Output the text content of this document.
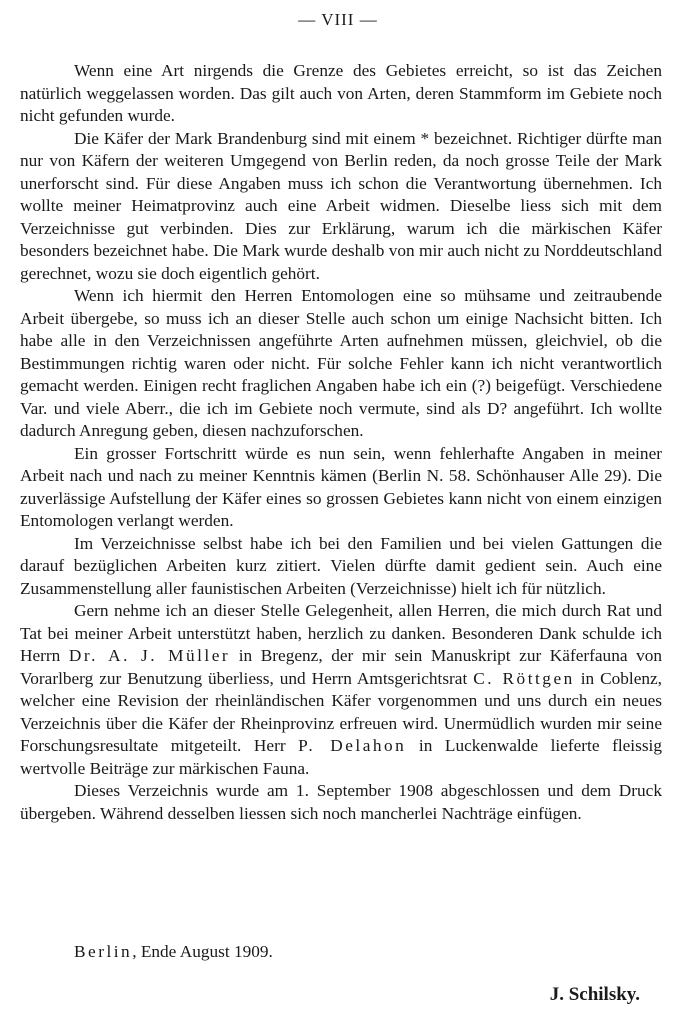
— VIII —

Wenn eine Art nirgends die Grenze des Gebietes erreicht, so ist das Zeichen natürlich weggelassen worden. Das gilt auch von Arten, deren Stammform im Gebiete noch nicht gefunden wurde.

Die Käfer der Mark Brandenburg sind mit einem * bezeichnet. Richtiger dürfte man nur von Käfern der weiteren Umgegend von Berlin reden, da noch grosse Teile der Mark unerforscht sind. Für diese Angaben muss ich schon die Verantwortung übernehmen. Ich wollte meiner Heimatprovinz auch eine Arbeit widmen. Dieselbe liess sich mit dem Verzeichnisse gut verbinden. Dies zur Erklärung, warum ich die märkischen Käfer besonders bezeichnet habe. Die Mark wurde deshalb von mir auch nicht zu Norddeutschland gerechnet, wozu sie doch eigentlich gehört.

Wenn ich hiermit den Herren Entomologen eine so mühsame und zeitraubende Arbeit übergebe, so muss ich an dieser Stelle auch schon um einige Nachsicht bitten. Ich habe alle in den Verzeichnissen angeführte Arten aufnehmen müssen, gleichviel, ob die Bestimmungen richtig waren oder nicht. Für solche Fehler kann ich nicht verantwortlich gemacht werden. Einigen recht fraglichen Angaben habe ich ein (?) beigefügt. Verschiedene Var. und viele Aberr., die ich im Gebiete noch vermute, sind als D? angeführt. Ich wollte dadurch Anregung geben, diesen nachzuforschen.

Ein grosser Fortschritt würde es nun sein, wenn fehlerhafte Angaben in meiner Arbeit nach und nach zu meiner Kenntnis kämen (Berlin N. 58. Schönhauser Alle 29). Die zuverlässige Aufstellung der Käfer eines so grossen Gebietes kann nicht von einem einzigen Entomologen verlangt werden.

Im Verzeichnisse selbst habe ich bei den Familien und bei vielen Gattungen die darauf bezüglichen Arbeiten kurz zitiert. Vielen dürfte damit gedient sein. Auch eine Zusammenstellung aller faunistischen Arbeiten (Verzeichnisse) hielt ich für nützlich.

Gern nehme ich an dieser Stelle Gelegenheit, allen Herren, die mich durch Rat und Tat bei meiner Arbeit unterstützt haben, herzlich zu danken. Besonderen Dank schulde ich Herrn Dr. A. J. Müller in Bregenz, der mir sein Manuskript zur Käferfauna von Vorarlberg zur Benutzung überliess, und Herrn Amtsgerichtsrat C. Röttgen in Coblenz, welcher eine Revision der rheinländischen Käfer vorgenommen und uns durch ein neues Verzeichnis über die Käfer der Rheinprovinz erfreuen wird. Unermüdlich wurden mir seine Forschungsresultate mitgeteilt. Herr P. Delahon in Luckenwalde lieferte fleissig wertvolle Beiträge zur märkischen Fauna.

Dieses Verzeichnis wurde am 1. September 1908 abgeschlossen und dem Druck übergeben. Während desselben liessen sich noch mancherlei Nachträge einfügen.

Berlin, Ende August 1909.
J. Schilsky.
